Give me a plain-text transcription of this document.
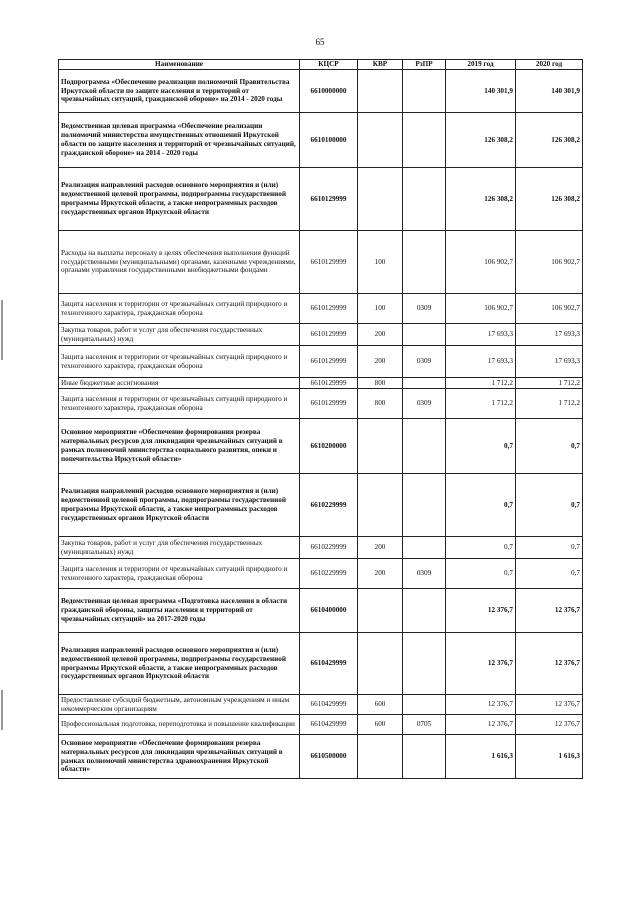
65
Наименование	КЦСР	КВР	РзПР	2019 год	2020 год
Подпрограмма «Обеспечение реализации полномочий Правительства Иркутской области по защите населения и территорий от чрезвычайных ситуаций, гражданской обороне» на 2014 - 2020 годы	6610000000			140 301,9	140 301,9
Ведомственная целевая программа «Обеспечение реализации полномочий министерства имущественных отношений Иркутской области по защите населения и территорий от чрезвычайных ситуаций, гражданской обороне» на 2014 - 2020 годы	6610100000			126 308,2	126 308,2
Реализация направлений расходов основного мероприятия и (или) ведомственной целевой программы, подпрограммы государственной программы Иркутской области, а также непрограммных расходов государственных органов Иркутской области	6610129999			126 308,2	126 308,2
Расходы на выплаты персоналу в целях обеспечения выполнения функций государственными (муниципальными) органами, казенными учреждениями, органами управления государственными внебюджетными фондами	6610129999	100		106 902,7	106 902,7
Защита населения и территории от чрезвычайных ситуаций природного и техногенного характера, гражданская оборона	6610129999	100	0309	106 902,7	106 902,7
Закупка товаров, работ и услуг для обеспечения государственных (муниципальных) нужд	6610129999	200		17 693,3	17 693,3
Защита населения и территории от чрезвычайных ситуаций природного и техногенного характера, гражданская оборона	6610129999	200	0309	17 693,3	17 693,3
Иные бюджетные ассигнования	6610129999	800		1 712,2	1 712,2
Защита населения и территории от чрезвычайных ситуаций природного и техногенного характера, гражданская оборона	6610129999	800	0309	1 712,2	1 712,2
Основное мероприятие «Обеспечение формирования резерва материальных ресурсов для ликвидации чрезвычайных ситуаций в рамках полномочий министерства социального развития, опеки и попечительства Иркутской области»	6610200000			0,7	0,7
Реализация направлений расходов основного мероприятия и (или) ведомственной целевой программы, подпрограммы государственной программы Иркутской области, а также непрограммных расходов государственных органов Иркутской области	6610229999			0,7	0,7
Закупка товаров, работ и услуг для обеспечения государственных (муниципальных) нужд	6610229999	200		0,7	0,7
Защита населения и территории от чрезвычайных ситуаций природного и техногенного характера, гражданская оборона	6610229999	200	0309	0,7	0,7
Ведомственная целевая программа «Подготовка населения в области гражданской обороны, защиты населения и территорий от чрезвычайных ситуаций» на 2017-2020 годы	6610400000			12 376,7	12 376,7
Реализация направлений расходов основного мероприятия и (или) ведомственной целевой программы, подпрограммы государственной программы Иркутской области, а также непрограммных расходов государственных органов Иркутской области	6610429999			12 376,7	12 376,7
Предоставление субсидий бюджетным, автономным учреждениям и иным некоммерческим организациям	6610429999	600		12 376,7	12 376,7
Профессиональная подготовка, переподготовка и повышение квалификации	6610429999	600	0705	12 376,7	12 376,7
Основное мероприятие «Обеспечение формирования резерва материальных ресурсов для ликвидации чрезвычайных ситуаций в рамках полномочий министерства здравоохранения Иркутской области»	6610500000			1 616,3	1 616,3
